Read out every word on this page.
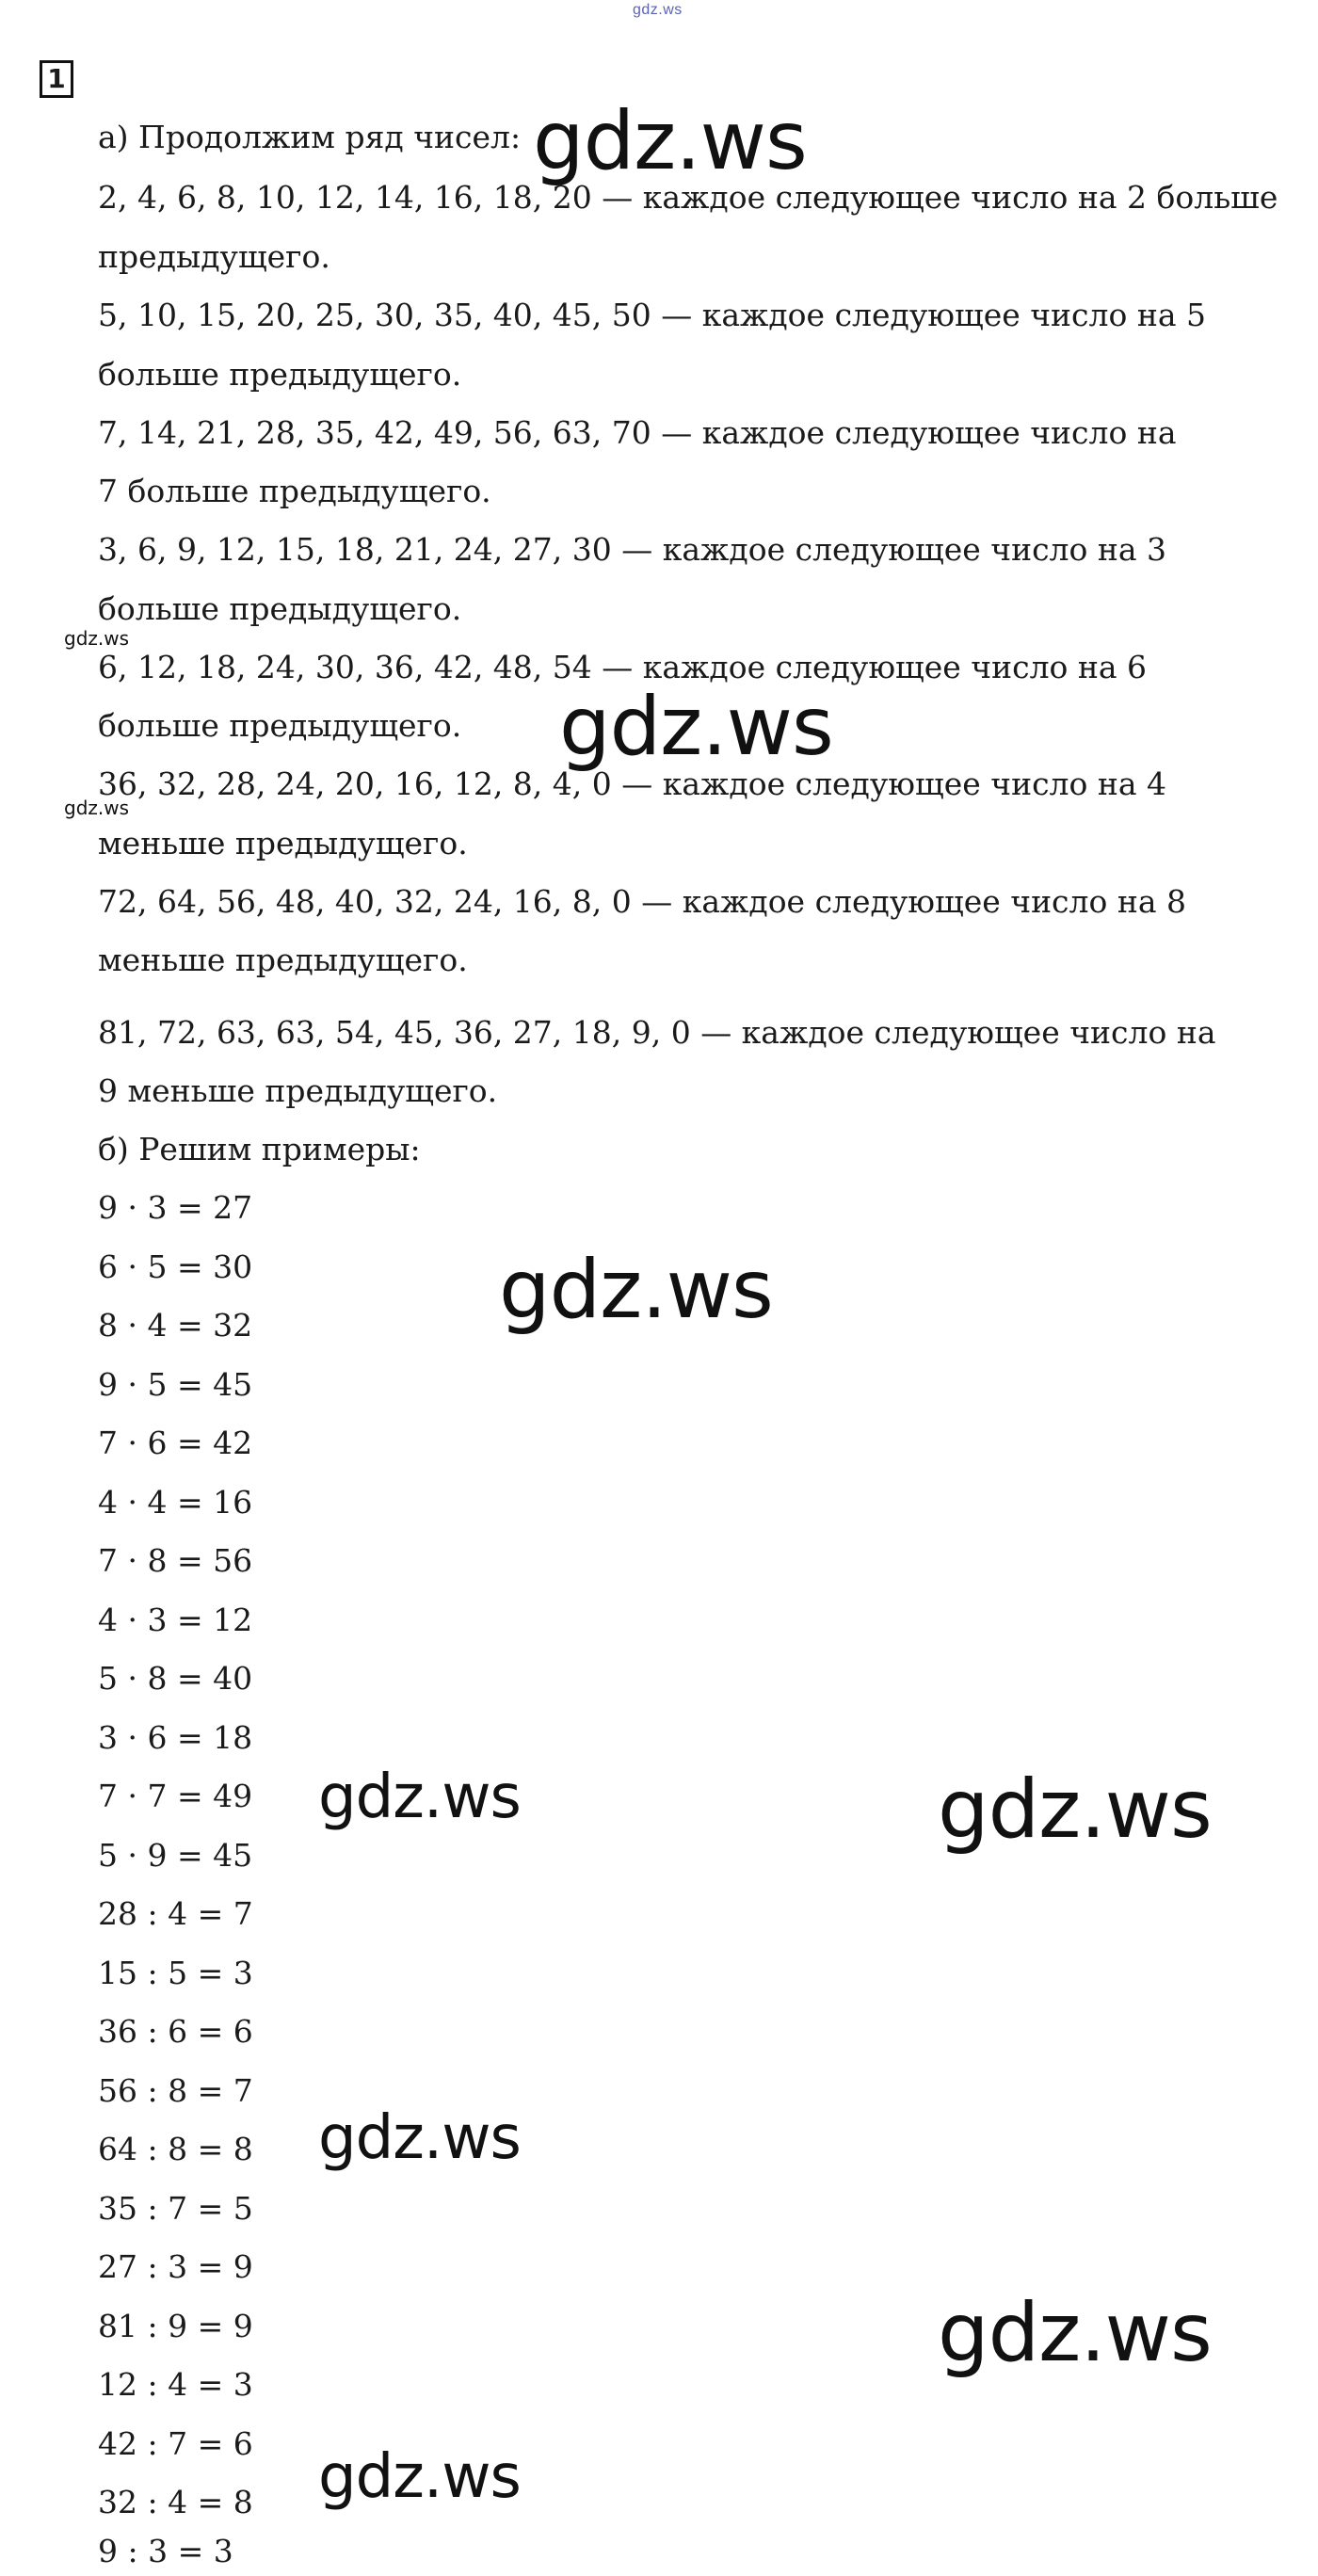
gdz.ws
1
а) Продолжим ряд чисел:
2, 4, 6, 8, 10, 12, 14, 16, 18, 20 — каждое следующее число на 2 больше
предыдущего.
5, 10, 15, 20, 25, 30, 35, 40, 45, 50 — каждое следующее число на 5
больше предыдущего.
7, 14, 21, 28, 35, 42, 49, 56, 63, 70 — каждое следующее число на
7 больше предыдущего.
3, 6, 9, 12, 15, 18, 21, 24, 27, 30 — каждое следующее число на 3
больше предыдущего.
6, 12, 18, 24, 30, 36, 42, 48, 54 — каждое следующее число на 6
больше предыдущего.
36, 32, 28, 24, 20, 16, 12, 8, 4, 0 — каждое следующее число на 4
меньше предыдущего.
72, 64, 56, 48, 40, 32, 24, 16, 8, 0 — каждое следующее число на 8
меньше предыдущего.
81, 72, 63, 63, 54, 45, 36, 27, 18, 9, 0 — каждое следующее число на
9 меньше предыдущего.
б) Решим примеры:
9 · 3 = 27
6 · 5 = 30
8 · 4 = 32
9 · 5 = 45
7 · 6 = 42
4 · 4 = 16
7 · 8 = 56
4 · 3 = 12
5 · 8 = 40
3 · 6 = 18
7 · 7 = 49
5 · 9 = 45
28 : 4 = 7
15 : 5 = 3
36 : 6 = 6
56 : 8 = 7
64 : 8 = 8
35 : 7 = 5
27 : 3 = 9
81 : 9 = 9
12 : 4 = 3
42 : 7 = 6
32 : 4 = 8
9 : 3 = 3
gdz.ws
gdz.ws
gdz.ws
gdz.ws
gdz.ws
gdz.ws	gdz.ws
gdz.ws
gdz.ws
gdz.ws
